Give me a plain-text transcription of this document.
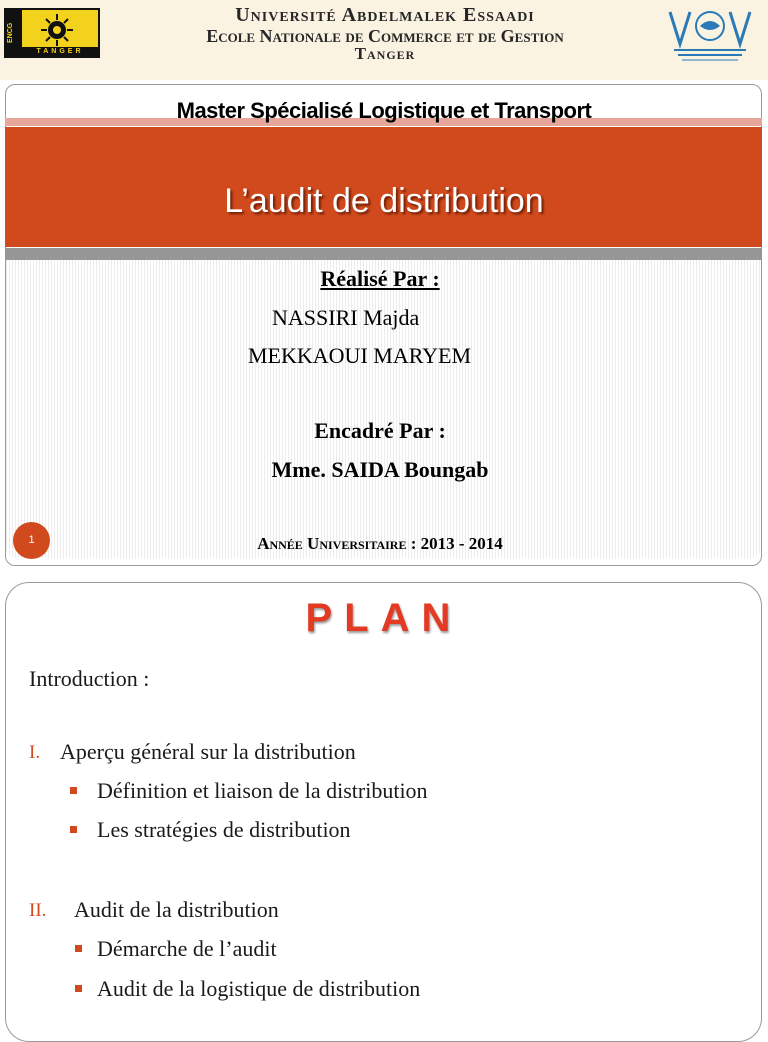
ENCG
TANGER
Université Abdelmalek Essaadi
Ecole Nationale de Commerce et de Gestion
Tanger
Master Spécialisé Logistique et Transport
L’audit de distribution
Réalisé Par :
NASSIRI Majda
MEKKAOUI MARYEM
Encadré Par :
Mme. SAIDA Boungab
Année Universitaire : 2013 - 2014
1
PLAN
Introduction :
I. Aperçu général sur la distribution
Définition et liaison de la distribution
Les stratégies de distribution
II. Audit de la distribution
Démarche de l’audit
Audit de la logistique de distribution
